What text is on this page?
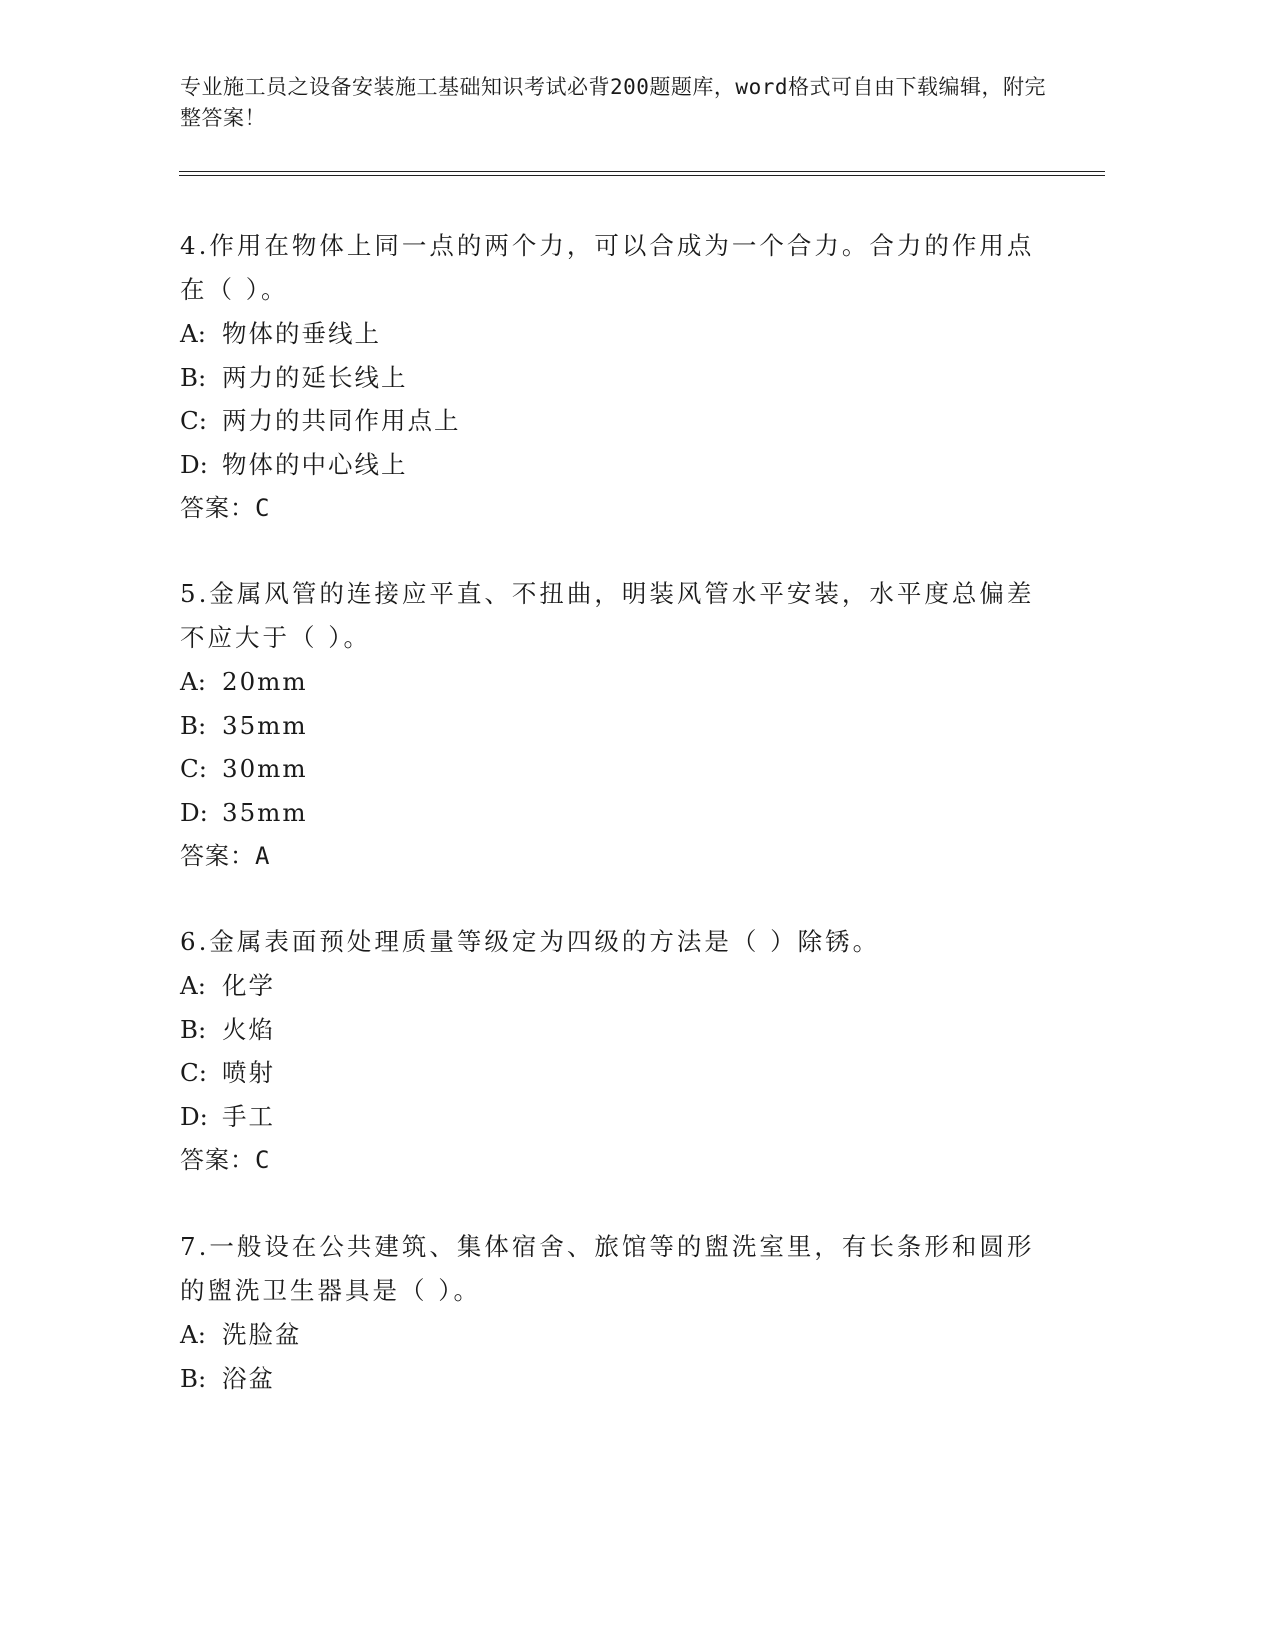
专业施工员之设备安装施工基础知识考试必背200题题库，word格式可自由下载编辑，附完整答案！

4.作用在物体上同一点的两个力，可以合成为一个合力。合力的作用点在（ ）。

A: 物体的垂线上

B: 两力的延长线上

C: 两力的共同作用点上

D: 物体的中心线上

答案：C

5.金属风管的连接应平直、不扭曲，明装风管水平安装，水平度总偏差不应大于（ ）。

A: 20mm

B: 35mm

C: 30mm

D: 35mm

答案：A

6.金属表面预处理质量等级定为四级的方法是（ ）除锈。

A: 化学

B: 火焰

C: 喷射

D: 手工

答案：C

7.一般设在公共建筑、集体宿舍、旅馆等的盥洗室里，有长条形和圆形的盥洗卫生器具是（ ）。

A: 洗脸盆

B: 浴盆
